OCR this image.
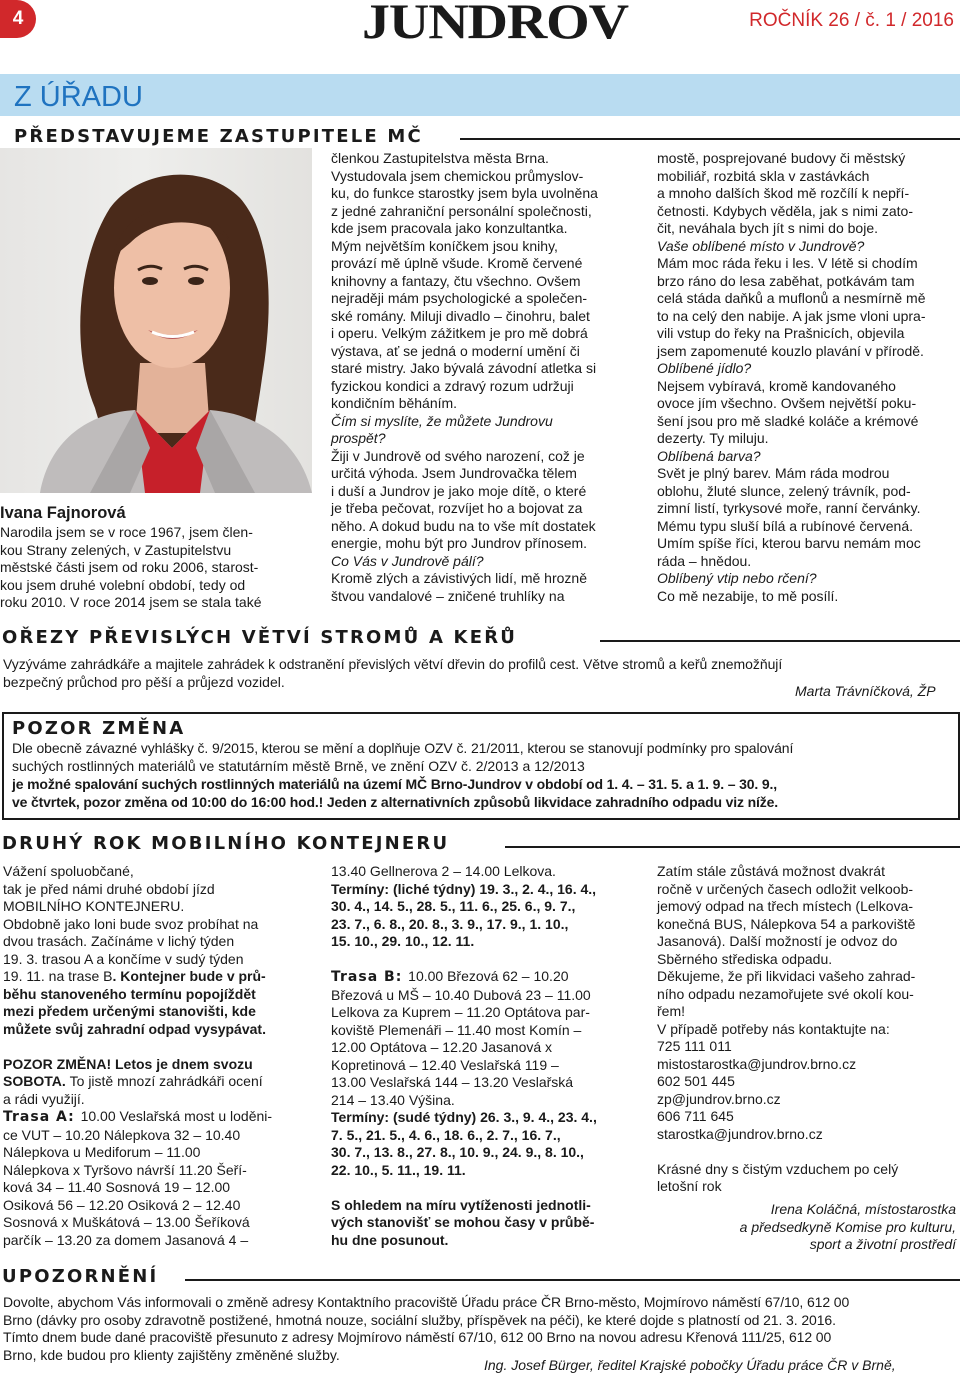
4	JUNDROV	ROČNÍK 26 / č. 1 / 2016
Z ÚŘADU
PŘEDSTAVUJEME ZASTUPITELE MČ
Ivana Fajnorová
Narodila jsem se v roce 1967, jsem člen-
kou Strany zelených, v Zastupitelstvu
městské části jsem od roku 2006, starost-
kou jsem druhé volební období, tedy od
roku 2010. V roce 2014 jsem se stala také
členkou Zastupitelstva města Brna.
Vystudovala jsem chemickou průmyslov-
ku, do funkce starostky jsem byla uvolněna
z jedné zahraniční personální společnosti,
kde jsem pracovala jako konzultantka.
Mým největším koníčkem jsou knihy,
provází mě úplně všude. Kromě červené
knihovny a fantazy, čtu všechno. Ovšem
nejraději mám psychologické a společen-
ské romány. Miluji divadlo – činohru, balet
i operu. Velkým zážitkem je pro mě dobrá
výstava, ať se jedná o moderní umění či
staré mistry. Jako bývalá závodní atletka si
fyzickou kondici a zdravý rozum udržuji
kondičním běháním.
Čím si myslíte, že můžete Jundrovu
prospět?
Žiji v Jundrově od svého narození, což je
určitá výhoda. Jsem Jundrovačka tělem
i duší a Jundrov je jako moje dítě, o které
je třeba pečovat, rozvíjet ho a bojovat za
něho. A dokud budu na to vše mít dostatek
energie, mohu být pro Jundrov přínosem.
Co Vás v Jundrově pálí?
Kromě zlých a závistivých lidí, mě hrozně
štvou vandalové – zničené truhlíky na
mostě, posprejované budovy či městský
mobiliář, rozbitá skla v zastávkách
a mnoho dalších škod mě rozčílí k nepří-
četnosti. Kdybych věděla, jak s nimi zato-
čit, neváhala bych jít s nimi do boje.
Vaše oblíbené místo v Jundrově?
Mám moc ráda řeku i les. V létě si chodím
brzo ráno do lesa zaběhat, potkávám tam
celá stáda daňků a muflonů a nesmírně mě
to na celý den nabije. A jak jsme vloni upra-
vili vstup do řeky na Prašnicích, objevila
jsem zapomenuté kouzlo plavání v přírodě.
Oblíbené jídlo?
Nejsem vybíravá, kromě kandovaného
ovoce jím všechno. Ovšem největší poku-
šení jsou pro mě sladké koláče a krémové
dezerty. Ty miluju.
Oblíbená barva?
Svět je plný barev. Mám ráda modrou
oblohu, žluté slunce, zelený trávník, pod-
zimní listí, tyrkysové moře, ranní červánky.
Mému typu sluší bílá a rubínové červená.
Umím spíše říci, kterou barvu nemám moc
ráda – hnědou.
Oblíbený vtip nebo rčení?
Co mě nezabije, to mě posílí.
OŘEZY PŘEVISLÝCH VĚTVÍ STROMŮ A KEŘŮ
Vyzýváme zahrádkáře a majitele zahrádek k odstranění převislých větví dřevin do profilů cest. Větve stromů a keřů znemožňují
bezpečný průchod pro pěší a průjezd vozidel.
Marta Trávníčková, ŽP
POZOR ZMĚNA
Dle obecně závazné vyhlášky č. 9/2015, kterou se mění a doplňuje OZV č. 21/2011, kterou se stanovují podmínky pro spalování
suchých rostlinných materiálů ve statutárním městě Brně, ve znění OZV č. 2/2013 a 12/2013
je možné spalování suchých rostlinných materiálů na území MČ Brno-Jundrov v období od 1. 4. – 31. 5. a 1. 9. – 30. 9.,
ve čtvrtek, pozor změna od 10:00 do 16:00 hod.! Jeden z alternativních způsobů likvidace zahradního odpadu viz níže.
DRUHÝ ROK MOBILNÍHO KONTEJNERU
Vážení spoluobčané,
tak je před námi druhé období jízd
MOBILNÍHO KONTEJNERU.
Obdobně jako loni bude svoz probíhat na
dvou trasách. Začínáme v lichý týden
19. 3. trasou A a končíme v sudý týden
19. 11. na trase B. Kontejner bude v prů-
běhu stanoveného termínu popojíždět
mezi předem určenými stanovišti, kde
můžete svůj zahradní odpad vysypávat.
POZOR ZMĚNA! Letos je dnem svozu
SOBOTA. To jistě mnozí zahrádkáři ocení
a rádi využijí.
Trasa A: 10.00 Veslařská most u loděni-
ce VUT – 10.20 Nálepkova 32 – 10.40
Nálepkova u Mediforum – 11.00
Nálepkova x Tyršovo návrší 11.20 Šeří-
ková 34 – 11.40 Sosnová 19 – 12.00
Osiková 56 – 12.20 Osiková 2 – 12.40
Sosnová x Muškátová – 13.00 Šeříková
parčík – 13.20 za domem Jasanová 4 –
13.40 Gellnerova 2 – 14.00 Lelkova.
Termíny: (liché týdny) 19. 3., 2. 4., 16. 4.,
30. 4., 14. 5., 28. 5., 11. 6., 25. 6., 9. 7.,
23. 7., 6. 8., 20. 8., 3. 9., 17. 9., 1. 10.,
15. 10., 29. 10., 12. 11.
Trasa B: 10.00 Březová 62 – 10.20
Březová u MŠ – 10.40 Dubová 23 – 11.00
Lelkova za Kuprem – 11.20 Optátova par-
koviště Plemenáři – 11.40 most Komín –
12.00 Optátova – 12.20 Jasanová x
Kopretinová – 12.40 Veslařská 119 –
13.00 Veslařská 144 – 13.20 Veslařská
214 – 13.40 Výšina.
Termíny: (sudé týdny) 26. 3., 9. 4., 23. 4.,
7. 5., 21. 5., 4. 6., 18. 6., 2. 7., 16. 7.,
30. 7., 13. 8., 27. 8., 10. 9., 24. 9., 8. 10.,
22. 10., 5. 11., 19. 11.
S ohledem na míru vytíženosti jednotli-
vých stanovišť se mohou časy v průbě-
hu dne posunout.
Zatím stále zůstává možnost dvakrát
ročně v určených časech odložit velkoob-
jemový odpad na třech místech (Lelkova-
konečná BUS, Nálepkova 54 a parkoviště
Jasanová). Další možností je odvoz do
Sběrného střediska odpadu.
Děkujeme, že při likvidaci vašeho zahrad-
ního odpadu nezamořujete své okolí kou-
řem!
V případě potřeby nás kontaktujte na:
725 111 011
mistostarostka@jundrov.brno.cz
602 501 445
zp@jundrov.brno.cz
606 711 645
starostka@jundrov.brno.cz
Krásné dny s čistým vzduchem po celý
letošní rok
Irena Koláčná, místostarostka
a předsedkyně Komise pro kulturu,
sport a životní prostředí
UPOZORNĚNÍ
Dovolte, abychom Vás informovali o změně adresy Kontaktního pracoviště Úřadu práce ČR Brno-město, Mojmírovo náměstí 67/10, 612 00
Brno (dávky pro osoby zdravotně postižené, hmotná nouze, sociální služby, příspěvek na péči), ke které dojde s platností od 21. 3. 2016.
Tímto dnem bude dané pracoviště přesunuto z adresy Mojmírovo náměstí 67/10, 612 00 Brno na novou adresu Křenová 111/25, 612 00
Brno, kde budou pro klienty zajištěny změněné služby.
Ing. Josef Bürger, ředitel Krajské pobočky Úřadu práce ČR v Brně,
